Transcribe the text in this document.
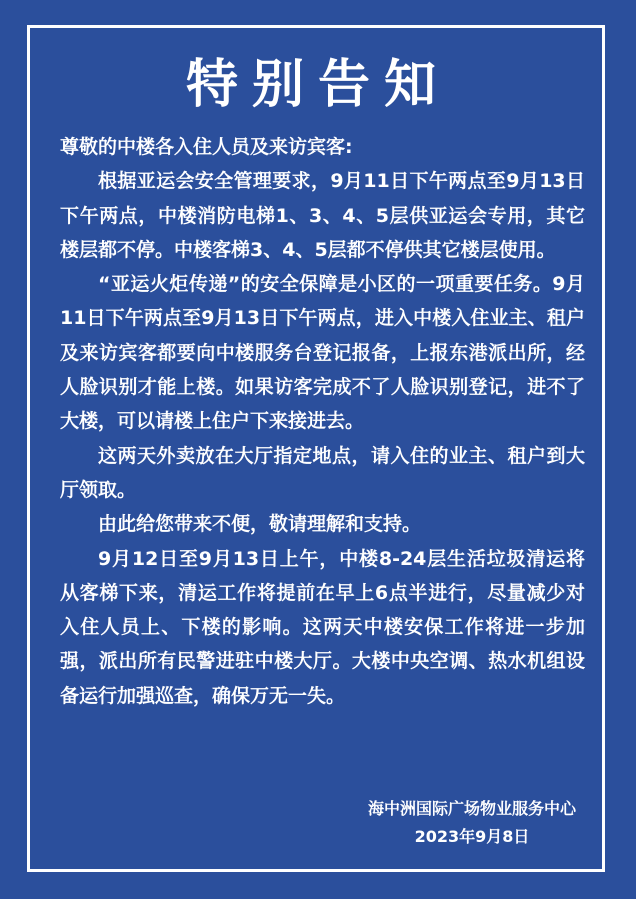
特别告知

尊敬的中楼各入住人员及来访宾客:

根据亚运会安全管理要求，9月11日下午两点至9月13日下午两点，中楼消防电梯1、3、4、5层供亚运会专用，其它楼层都不停。中楼客梯3、4、5层都不停供其它楼层使用。

“亚运火炬传递”的安全保障是小区的一项重要任务。9月11日下午两点至9月13日下午两点，进入中楼入住业主、租户及来访宾客都要向中楼服务台登记报备，上报东港派出所，经人脸识别才能上楼。如果访客完成不了人脸识别登记，进不了大楼，可以请楼上住户下来接进去。

这两天外卖放在大厅指定地点，请入住的业主、租户到大厅领取。

由此给您带来不便，敬请理解和支持。

9月12日至9月13日上午，中楼8-24层生活垃圾清运将从客梯下来，清运工作将提前在早上6点半进行，尽量减少对入住人员上、下楼的影响。这两天中楼安保工作将进一步加强，派出所有民警进驻中楼大厅。大楼中央空调、热水机组设备运行加强巡查，确保万无一失。

海中洲国际广场物业服务中心
2023年9月8日
